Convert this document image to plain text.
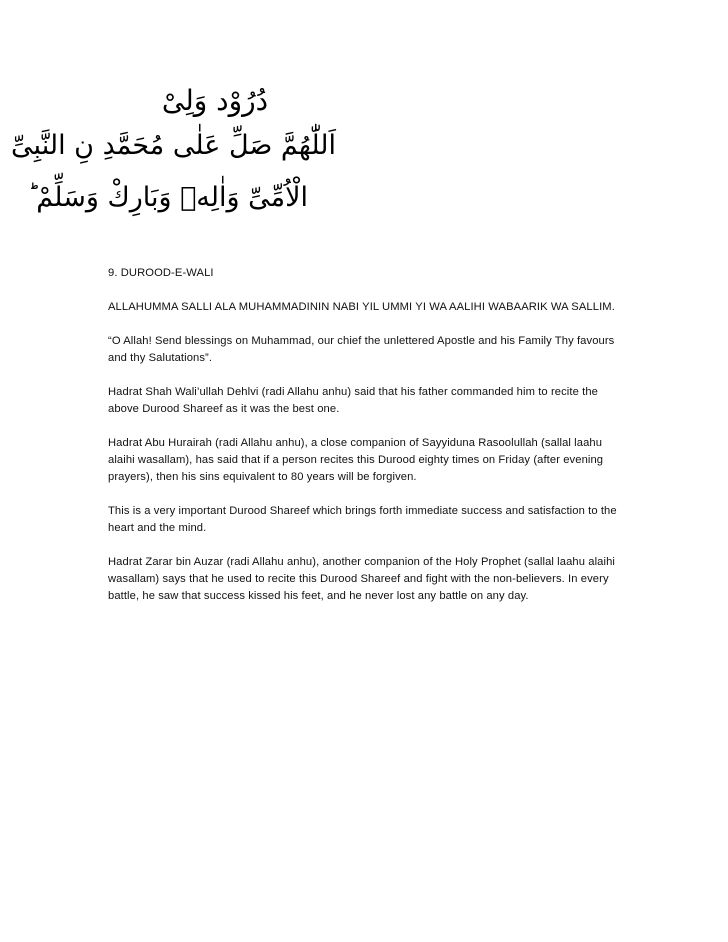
دُرُوْد وَلِیْ
اَللّٰهُمَّ صَلِّ عَلٰى مُحَمَّدِ نِ النَّبِیِّ
الْاُمِّیِّ وَاٰلِهٖ وَبَارِكْ وَسَلِّمْ ؕ

9. DUROOD-E-WALI

ALLAHUMMA SALLI ALA MUHAMMADININ NABI YIL UMMI YI WA AALIHI WABAARIK WA SALLIM.

“O Allah! Send blessings on Muhammad, our chief the unlettered Apostle and his Family Thy favours and thy Salutations”.

Hadrat Shah Wali’ullah Dehlvi (radi Allahu anhu) said that his father commanded him to recite the above Durood Shareef as it was the best one.

Hadrat Abu Hurairah (radi Allahu anhu), a close companion of Sayyiduna Rasoolullah (sallal laahu alaihi wasallam), has said that if a person recites this Durood eighty times on Friday (after evening prayers), then his sins equivalent to 80 years will be forgiven.

This is a very important Durood Shareef which brings forth immediate success and satisfaction to the heart and the mind.

Hadrat Zarar bin Auzar (radi Allahu anhu), another companion of the Holy Prophet (sallal laahu alaihi wasallam) says that he used to recite this Durood Shareef and fight with the non-believers. In every battle, he saw that success kissed his feet, and he never lost any battle on any day.
